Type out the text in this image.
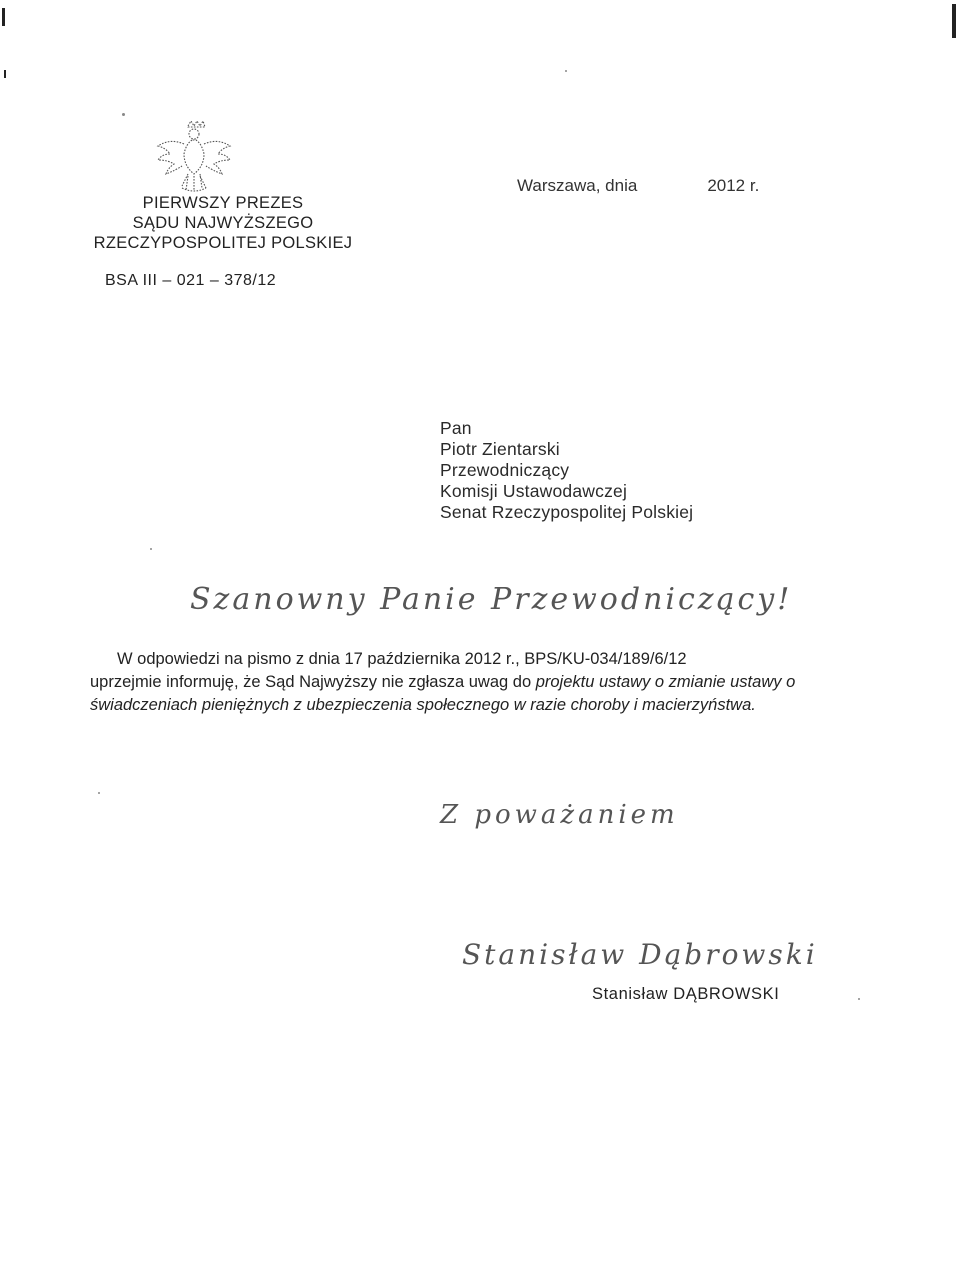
PIERWSZY PREZES
SĄDU NAJWYŻSZEGO
RZECZYPOSPOLITEJ POLSKIEJ
BSA III – 021 – 378/12
Warszawa, dnia	2012 r.
Pan
Piotr Zientarski
Przewodniczący
Komisji Ustawodawczej
Senat Rzeczypospolitej Polskiej
Szanowny Panie Przewodniczący!

W odpowiedzi na pismo z dnia 17 października 2012 r., BPS/KU-034/189/6/12

uprzejmie informuję, że Sąd Najwyższy nie zgłasza uwag do projektu ustawy o zmianie ustawy o świadczeniach pieniężnych z ubezpieczenia społecznego w razie choroby i macierzyństwa.

Z poważaniem
Stanisław Dąbrowski
Stanisław DĄBROWSKI
